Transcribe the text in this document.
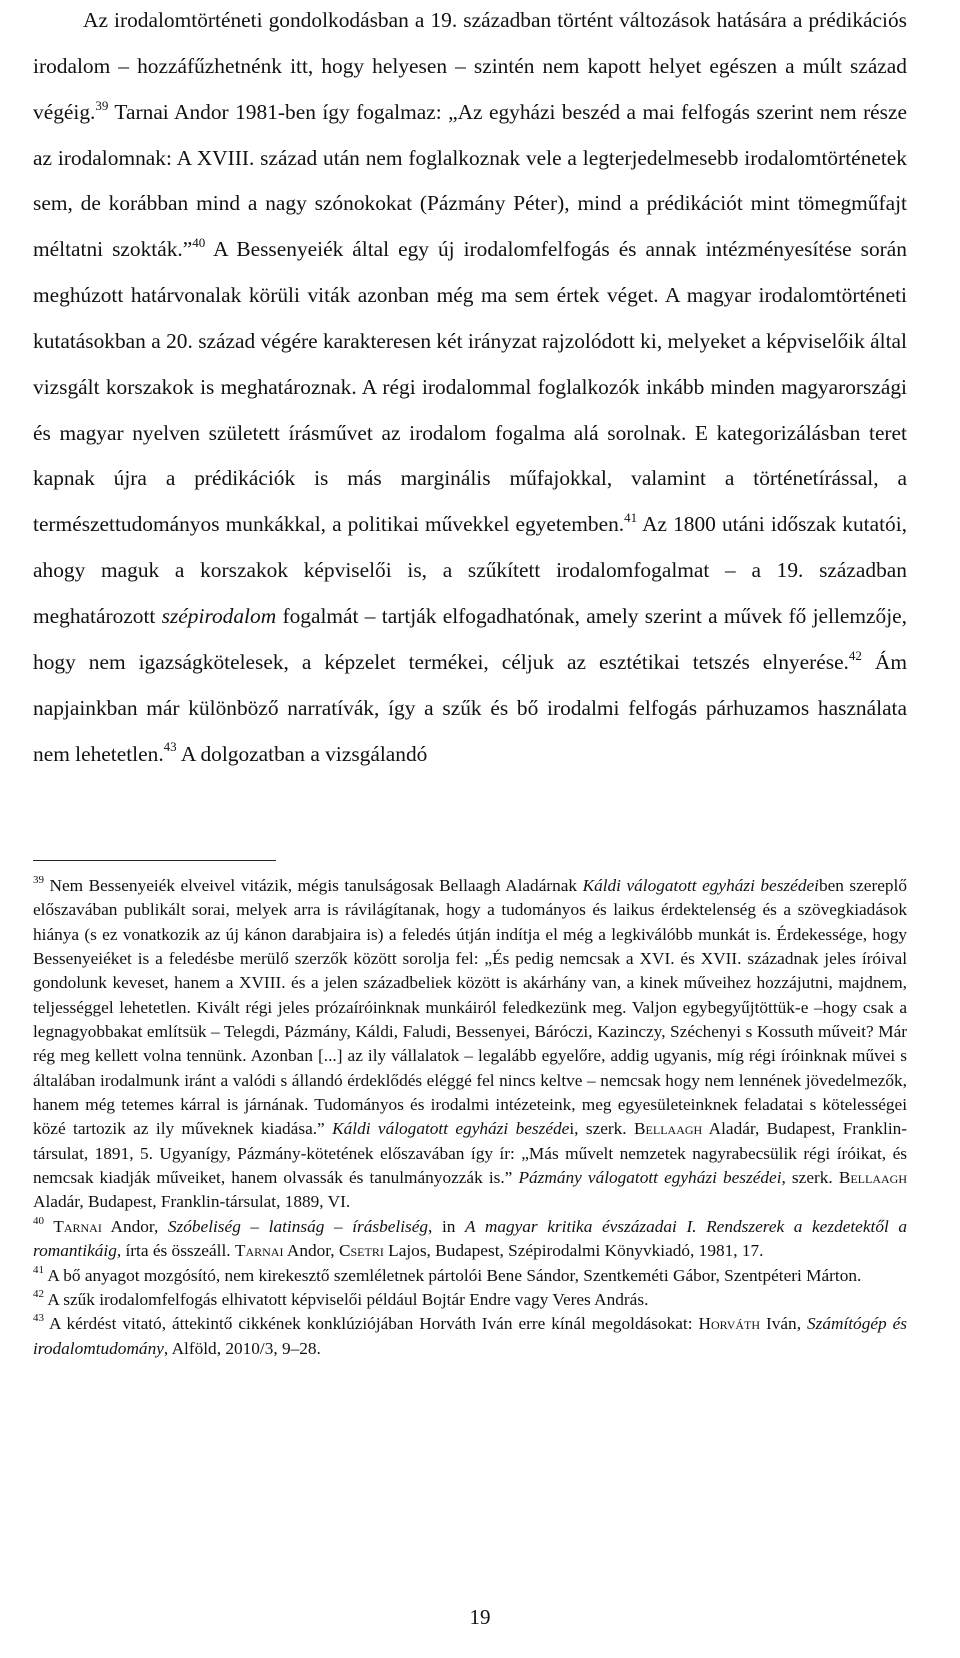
Az irodalomtörténeti gondolkodásban a 19. században történt változások hatására a prédikációs irodalom – hozzáfűzhetnénk itt, hogy helyesen – szintén nem kapott helyet egészen a múlt század végéig.$^{39}$ Tarnai Andor 1981-ben így fogalmaz: „Az egyházi beszéd a mai felfogás szerint nem része az irodalomnak: A XVIII. század után nem foglalkoznak vele a legterjedelmesebb irodalomtörténetek sem, de korábban mind a nagy szónokokat (Pázmány Péter), mind a prédikációt mint tömegműfajt méltatni szokták.”$^{40}$ A Bessenyeiék által egy új irodalomfelfogás és annak intézményesítése során meghúzott határvonalak körüli viták azonban még ma sem értek véget. A magyar irodalomtörténeti kutatásokban a 20. század végére karakteresen két irányzat rajzolódott ki, melyeket a képviselőik által vizsgált korszakok is meghatároznak. A régi irodalommal foglalkozók inkább minden magyarországi és magyar nyelven született írásművet az irodalom fogalma alá sorolnak. E kategorizálásban teret kapnak újra a prédikációk is más marginális műfajokkal, valamint a történetírással, a természettudományos munkákkal, a politikai művekkel egyetemben.$^{41}$ Az 1800 utáni időszak kutatói, ahogy maguk a korszakok képviselői is, a szűkített irodalomfogalmat – a 19. században meghatározott szépirodalom fogalmát – tartják elfogadhatónak, amely szerint a művek fő jellemzője, hogy nem igazságkötelesek, a képzelet termékei, céljuk az esztétikai tetszés elnyerése.$^{42}$ Ám napjainkban már különböző narratívák, így a szűk és bő irodalmi felfogás párhuzamos használata nem lehetetlen.$^{43}$ A dolgozatban a vizsgálandó

$^{39}$ Nem Bessenyeiék elveivel vitázik, mégis tanulságosak Bellaagh Aladárnak Káldi válogatott egyházi beszédeiben szereplő előszavában publikált sorai, melyek arra is rávilágítanak, hogy a tudományos és laikus érdektelenség és a szövegkiadások hiánya (s ez vonatkozik az új kánon darabjaira is) a feledés útján indítja el még a legkiválóbb munkát is. Érdekessége, hogy Bessenyeiéket is a feledésbe merülő szerzők között sorolja fel: „És pedig nemcsak a XVI. és XVII. századnak jeles íróival gondolunk keveset, hanem a XVIII. és a jelen századbeliek között is akárhány van, a kinek műveihez hozzájutni, majdnem, teljességgel lehetetlen. Kivált régi jeles prózaíróinknak munkáiról feledkezünk meg. Valjon egybegyűjtöttük-e –hogy csak a legnagyobbakat említsük – Telegdi, Pázmány, Káldi, Faludi, Bessenyei, Báróczi, Kazinczy, Széchenyi s Kossuth műveit? Már rég meg kellett volna tennünk. Azonban [...] az ily vállalatok – legalább egyelőre, addig ugyanis, míg régi íróinknak művei s általában irodalmunk iránt a valódi s állandó érdeklődés eléggé fel nincs keltve – nemcsak hogy nem lennének jövedelmezők, hanem még tetemes kárral is járnának. Tudományos és irodalmi intézeteink, meg egyesületeinknek feladatai s kötelességei közé tartozik az ily műveknek kiadása.” Káldi válogatott egyházi beszédei, szerk. Bellaagh Aladár, Budapest, Franklin-társulat, 1891, 5. Ugyanígy, Pázmány-kötetének előszavában így ír: „Más művelt nemzetek nagyrabecsülik régi íróikat, és nemcsak kiadják műveiket, hanem olvassák és tanulmányozzák is.” Pázmány válogatott egyházi beszédei, szerk. Bellaagh Aladár, Budapest, Franklin-társulat, 1889, VI.

$^{40}$ Tarnai Andor, Szóbeliség – latinság – írásbeliség, in A magyar kritika évszázadai I. Rendszerek a kezdetektől a romantikáig, írta és összeáll. Tarnai Andor, Csetri Lajos, Budapest, Szépirodalmi Könyvkiadó, 1981, 17.

$^{41}$ A bő anyagot mozgósító, nem kirekesztő szemléletnek pártolói Bene Sándor, Szentkeméti Gábor, Szentpéteri Márton.

$^{42}$ A szűk irodalomfelfogás elhivatott képviselői például Bojtár Endre vagy Veres András.

$^{43}$ A kérdést vitató, áttekintő cikkének konklúziójában Horváth Iván erre kínál megoldásokat: Horváth Iván, Számítógép és irodalomtudomány, Alföld, 2010/3, 9–28.

19
